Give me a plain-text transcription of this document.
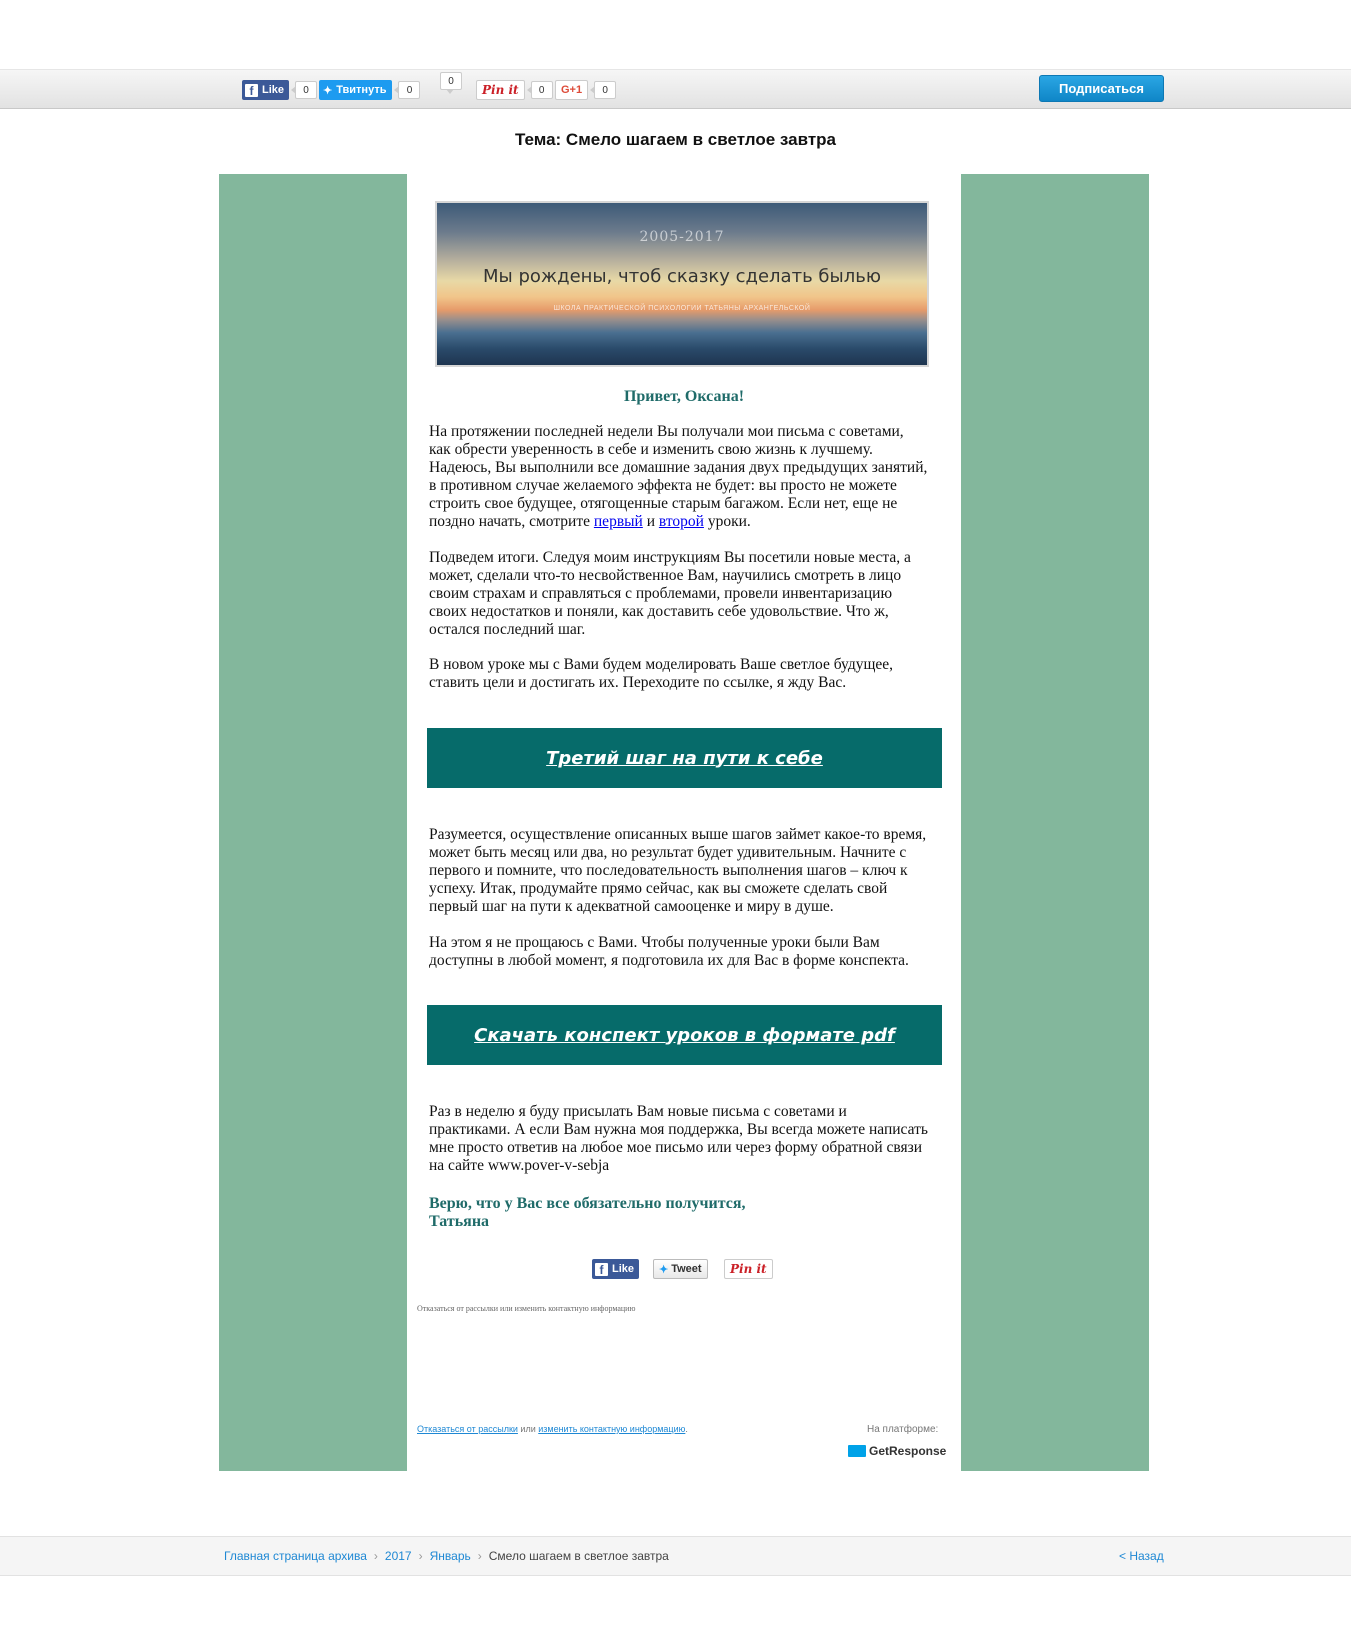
f Like	0	✦ Твитнуть	0
0
Pin it	0	G+1	0	Подписаться
Тема: Смело шагаем в светлое завтра
2005-2017
Мы рождены, чтоб сказку сделать былью
ШКОЛА ПРАКТИЧЕСКОЙ ПСИХОЛОГИИ ТАТЬЯНЫ АРХАНГЕЛЬСКОЙ
Привет, Оксана!
На протяжении последней недели Вы получали мои письма с советами, как обрести уверенность в себе и изменить свою жизнь к лучшему. Надеюсь, Вы выполнили все домашние задания двух предыдущих занятий, в противном случае желаемого эффекта не будет: вы просто не можете строить свое будущее, отягощенные старым багажом. Если нет, еще не поздно начать, смотрите первый и второй уроки.
Подведем итоги. Следуя моим инструкциям Вы посетили новые места, а может, сделали что-то несвойственное Вам, научились смотреть в лицо своим страхам и справляться с проблемами, провели инвентаризацию своих недостатков и поняли, как доставить себе удовольствие. Что ж, остался последний шаг.
В новом уроке мы с Вами будем моделировать Ваше светлое будущее, ставить цели и достигать их. Переходите по ссылке, я жду Вас.
Третий шаг на пути к себе
Разумеется, осуществление описанных выше шагов займет какое-то время, может быть месяц или два, но результат будет удивительным. Начните с первого и помните, что последовательность выполнения шагов – ключ к успеху. Итак, продумайте прямо сейчас, как вы сможете сделать свой первый шаг на пути к адекватной самооценке и миру в душе.
На этом я не прощаюсь с Вами. Чтобы полученные уроки были Вам доступны в любой момент, я подготовила их для Вас в форме конспекта.
Скачать конспект уроков в формате pdf
Раз в неделю я буду присылать Вам новые письма с советами и практиками. А если Вам нужна моя поддержка, Вы всегда можете написать мне просто ответив на любое мое письмо или через форму обратной связи на сайте www.pover-v-sebja
Верю, что у Вас все обязательно получится,
Татьяна
f Like ✦ Tweet	Pin it
Отказаться от рассылки или изменить контактную информацию
Отказаться от рассылки или изменить контактную информацию.	На платформе:
GetResponse
Главная страница архива › 2017 › Январь › Смело шагаем в светлое завтра	< Назад
